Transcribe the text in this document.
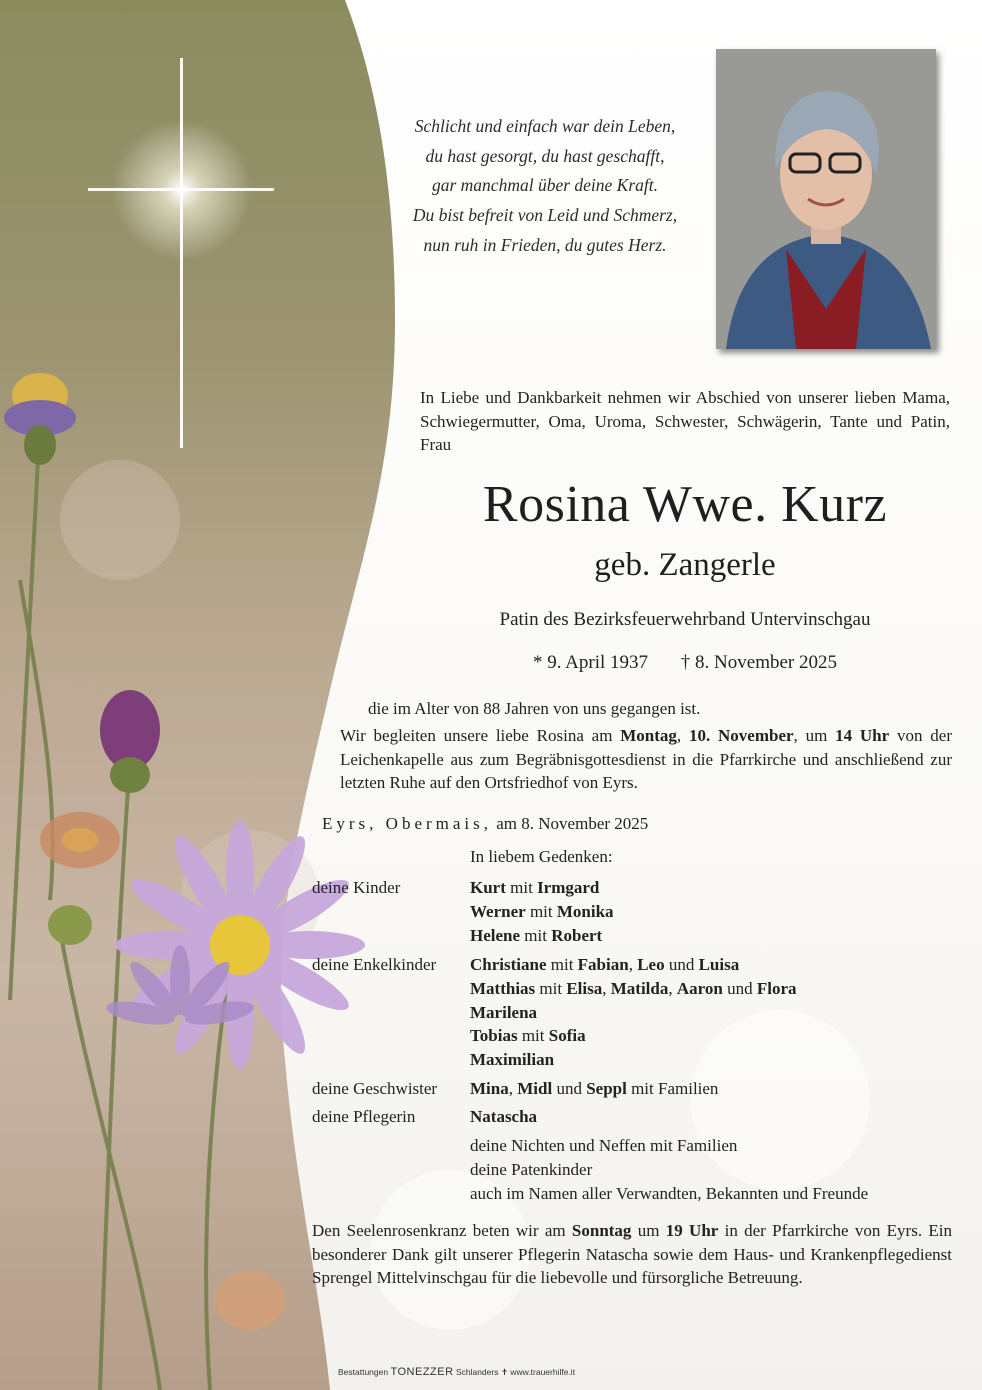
Schlicht und einfach war dein Leben,
du hast gesorgt, du hast geschafft,
gar manchmal über deine Kraft.
Du bist befreit von Leid und Schmerz,
nun ruh in Frieden, du gutes Herz.
In Liebe und Dankbarkeit nehmen wir Abschied von unserer lieben Mama, Schwiegermutter, Oma, Uroma, Schwester, Schwägerin, Tante und Patin, Frau
Rosina Wwe. Kurz
geb. Zangerle
Patin des Bezirksfeuerwehrband Untervinschgau
* 9. April 1937 † 8. November 2025
die im Alter von 88 Jahren von uns gegangen ist.
Wir begleiten unsere liebe Rosina am Montag, 10. November, um 14 Uhr von der Leichenkapelle aus zum Begräbnisgottesdienst in die Pfarrkirche und anschließend zur letzten Ruhe auf den Ortsfriedhof von Eyrs.
Eyrs, Obermais, am 8. November 2025
In liebem Gedenken:
deine Kinder	Kurt mit Irmgard
Werner mit Monika
Helene mit Robert
deine Enkelkinder Christiane mit Fabian, Leo und Luisa
Matthias mit Elisa, Matilda, Aaron und Flora
Marilena
Tobias mit Sofia
Maximilian
deine Geschwister Mina, Midl und Seppl mit Familien
deine Pflegerin	Natascha
deine Nichten und Neffen mit Familien
deine Patenkinder
auch im Namen aller Verwandten, Bekannten und Freunde
Den Seelenrosenkranz beten wir am Sonntag um 19 Uhr in der Pfarrkirche von Eyrs. Ein besonderer Dank gilt unserer Pflegerin Natascha sowie dem Haus- und Krankenpflegedienst Sprengel Mittelvinschgau für die liebevolle und fürsorgliche Betreuung.
Bestattungen TONEZZER Schlanders ✝ www.trauerhilfe.it
